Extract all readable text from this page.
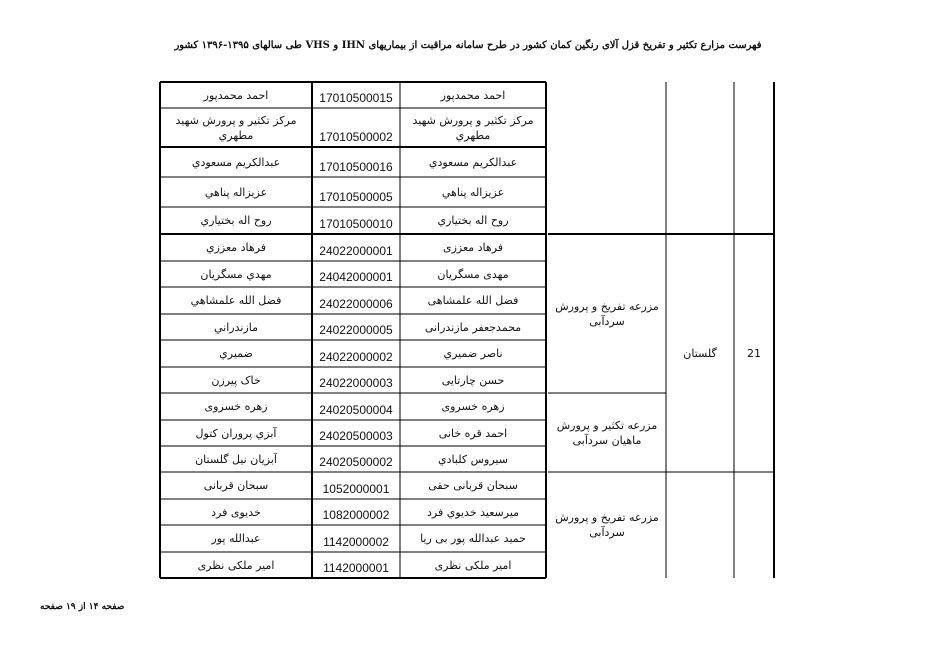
فهرست مزارع تکثیر و تفریخ قزل آلای رنگین کمان کشور در طرح سامانه مراقبت از بیماریهای IHN و VHS طی سالهای ۱۳۹۵-۱۳۹۶ کشور
21
گلستان
مزرعه تفریخ و پرورش سردآبی
مزرعه تکثیر و پرورش ماهیان سردآبی
مزرعه تفریخ و پرورش سردآبی
احمد محمدپور
17010500015
احمد محمدپور
مرکز تکثیر و پرورش شهید مطهري
17010500002
مرکز تکثیر و پرورش شهید مطهري
عبدالکریم مسعودي
17010500016
عبدالکریم مسعودي
عزیزاله پناهي
17010500005
عزیزاله پناهي
روح اله بختیاري
17010500010
روح اله بختیاري
فرهاد معززی
24022000001
فرهاد معززي
مهدی مسگریان
24042000001
مهدي مسگریان
فضل الله علمشاهی
24022000006
فضل الله علمشاهي
محمدجعفر مازندرانی
24022000005
مازندراني
ناصر ضمیري
24022000002
ضمیري
حسن چارتایی
24022000003
خاک پیرزن
زهره خسروی
24020500004
زهره خسروی
احمد قره خانی
24020500003
آبزي پروران کتول
سیروس کلبادي
24020500002
آبزیان نیل گلستان
سبحان قربانی حقی
1052000001
سبحان قربانی
میرسعید خدیوي فرد
1082000002
خدیوی فرد
حمید عبدالله پور بی ریا
1142000002
عبدالله پور
امیر ملکی نظری
1142000001
امیر ملکی نظری
صفحه ۱۴ از ۱۹ صفحه
